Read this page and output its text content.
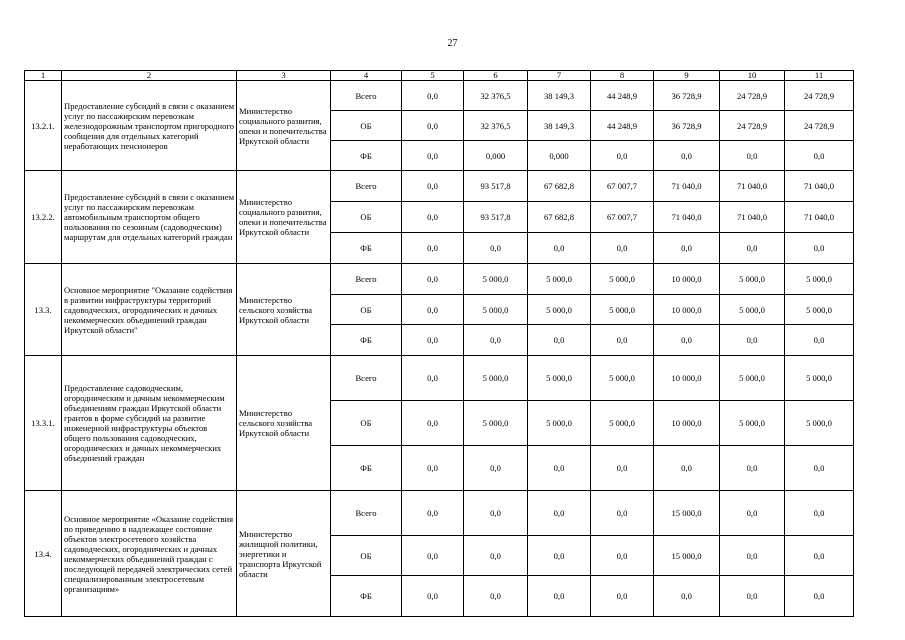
27
1	2	3	4	5	6	7	8	9	10	11
13.2.1.	Предоставление субсидий в связи с оказанием услуг по пассажирским перевозкам железнодорожным транспортом пригородного сообщения для отдельных категорий неработающих пенсионеров	Министерство социального развития, опеки и попечительства Иркутской области	Всего	0,0	32 376,5	38 149,3	44 248,9	36 728,9	24 728,9	24 728,9
			ОБ	0,0	32 376,5	38 149,3	44 248,9	36 728,9	24 728,9	24 728,9
			ФБ	0,0	0,000	0,000	0,0	0,0	0,0	0,0
13.2.2.	Предоставление субсидий в связи с оказанием услуг по пассажирским перевозкам автомобильным транспортом общего пользования по сезонным (садоводческим) маршрутам для отдельных категорий граждан	Министерство социального развития, опеки и попечительства Иркутской области	Всего	0,0	93 517,8	67 682,8	67 007,7	71 040,0	71 040,0	71 040,0
			ОБ	0,0	93 517,8	67 682,8	67 007,7	71 040,0	71 040,0	71 040,0
			ФБ	0,0	0,0	0,0	0,0	0,0	0,0	0,0
13.3.	Основное мероприятие "Оказание содействия в развитии инфраструктуры территорий садоводческих, огороднических и дачных некоммерческих объединений граждан Иркутской области"	Министерство сельского хозяйства Иркутской области	Всего	0,0	5 000,0	5 000,0	5 000,0	10 000,0	5 000,0	5 000,0
			ОБ	0,0	5 000,0	5 000,0	5 000,0	10 000,0	5 000,0	5 000,0
			ФБ	0,0	0,0	0,0	0,0	0,0	0,0	0,0
13.3.1.	Предоставление садоводческим, огородническим и дачным некоммерческим объединениям граждан Иркутской области грантов в форме субсидий на развитие инженерной инфраструктуры объектов общего пользования садоводческих, огороднических и дачных некоммерческих объединений граждан	Министерство сельского хозяйства Иркутской области	Всего	0,0	5 000,0	5 000,0	5 000,0	10 000,0	5 000,0	5 000,0
			ОБ	0,0	5 000,0	5 000,0	5 000,0	10 000,0	5 000,0	5 000,0
			ФБ	0,0	0,0	0,0	0,0	0,0	0,0	0,0
13.4.	Основное мероприятие «Оказание содействия по приведению в надлежащее состояние объектов электросетевого хозяйства садоводческих, огороднических и дачных некоммерческих объединений граждан с последующей передачей электрических сетей специализированным электросетевым организациям»	Министерство жилищной политики, энергетики и транспорта Иркутской области	Всего	0,0	0,0	0,0	0,0	15 000,0	0,0	0,0
			ОБ	0,0	0,0	0,0	0,0	15 000,0	0,0	0,0
			ФБ	0,0	0,0	0,0	0,0	0,0	0,0	0,0
